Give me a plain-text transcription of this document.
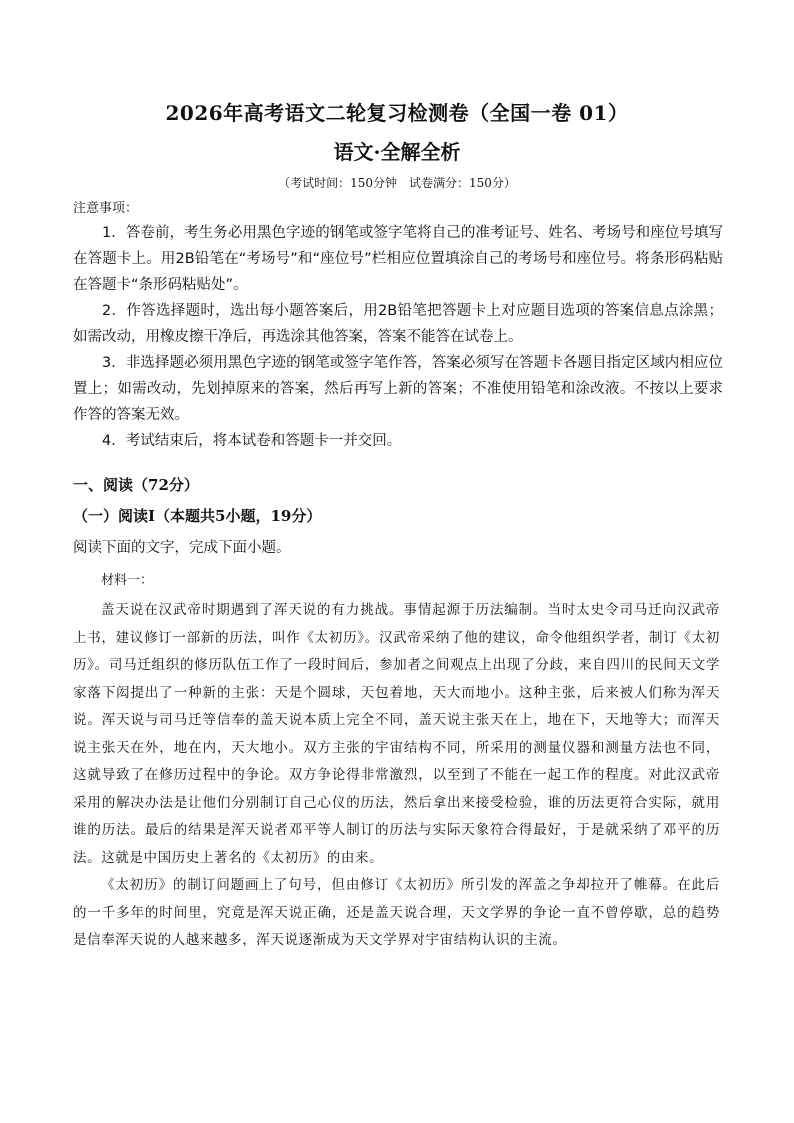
2026年高考语文二轮复习检测卷（全国一卷 01）
语文·全解全析
（考试时间：150分钟　试卷满分：150分）
注意事项：

1．答卷前，考生务必用黑色字迹的钢笔或签字笔将自己的准考证号、姓名、考场号和座位号填写在答题卡上。用2B铅笔在“考场号”和“座位号”栏相应位置填涂自己的考场号和座位号。将条形码粘贴在答题卡“条形码粘贴处”。

2．作答选择题时，选出每小题答案后，用2B铅笔把答题卡上对应题目选项的答案信息点涂黑；如需改动，用橡皮擦干净后，再选涂其他答案，答案不能答在试卷上。

3．非选择题必须用黑色字迹的钢笔或签字笔作答，答案必须写在答题卡各题目指定区域内相应位置上；如需改动，先划掉原来的答案，然后再写上新的答案；不准使用铅笔和涂改液。不按以上要求作答的答案无效。

4．考试结束后，将本试卷和答题卡一并交回。

一、阅读（72分）
（一）阅读Ⅰ（本题共5小题，19分）
阅读下面的文字，完成下面小题。
材料一：

盖天说在汉武帝时期遇到了浑天说的有力挑战。事情起源于历法编制。当时太史令司马迁向汉武帝上书，建议修订一部新的历法，叫作《太初历》。汉武帝采纳了他的建议，命令他组织学者，制订《太初历》。司马迁组织的修历队伍工作了一段时间后，参加者之间观点上出现了分歧，来自四川的民间天文学家落下闳提出了一种新的主张：天是个圆球，天包着地，天大而地小。这种主张，后来被人们称为浑天说。浑天说与司马迁等信奉的盖天说本质上完全不同，盖天说主张天在上，地在下，天地等大；而浑天说主张天在外，地在内，天大地小。双方主张的宇宙结构不同，所采用的测量仪器和测量方法也不同，这就导致了在修历过程中的争论。双方争论得非常激烈，以至到了不能在一起工作的程度。对此汉武帝采用的解决办法是让他们分别制订自己心仪的历法，然后拿出来接受检验，谁的历法更符合实际，就用谁的历法。最后的结果是浑天说者邓平等人制订的历法与实际天象符合得最好，于是就采纳了邓平的历法。这就是中国历史上著名的《太初历》的由来。

《太初历》的制订问题画上了句号，但由修订《太初历》所引发的浑盖之争却拉开了帷幕。在此后的一千多年的时间里，究竟是浑天说正确，还是盖天说合理，天文学界的争论一直不曾停歇，总的趋势是信奉浑天说的人越来越多，浑天说逐渐成为天文学界对宇宙结构认识的主流。
